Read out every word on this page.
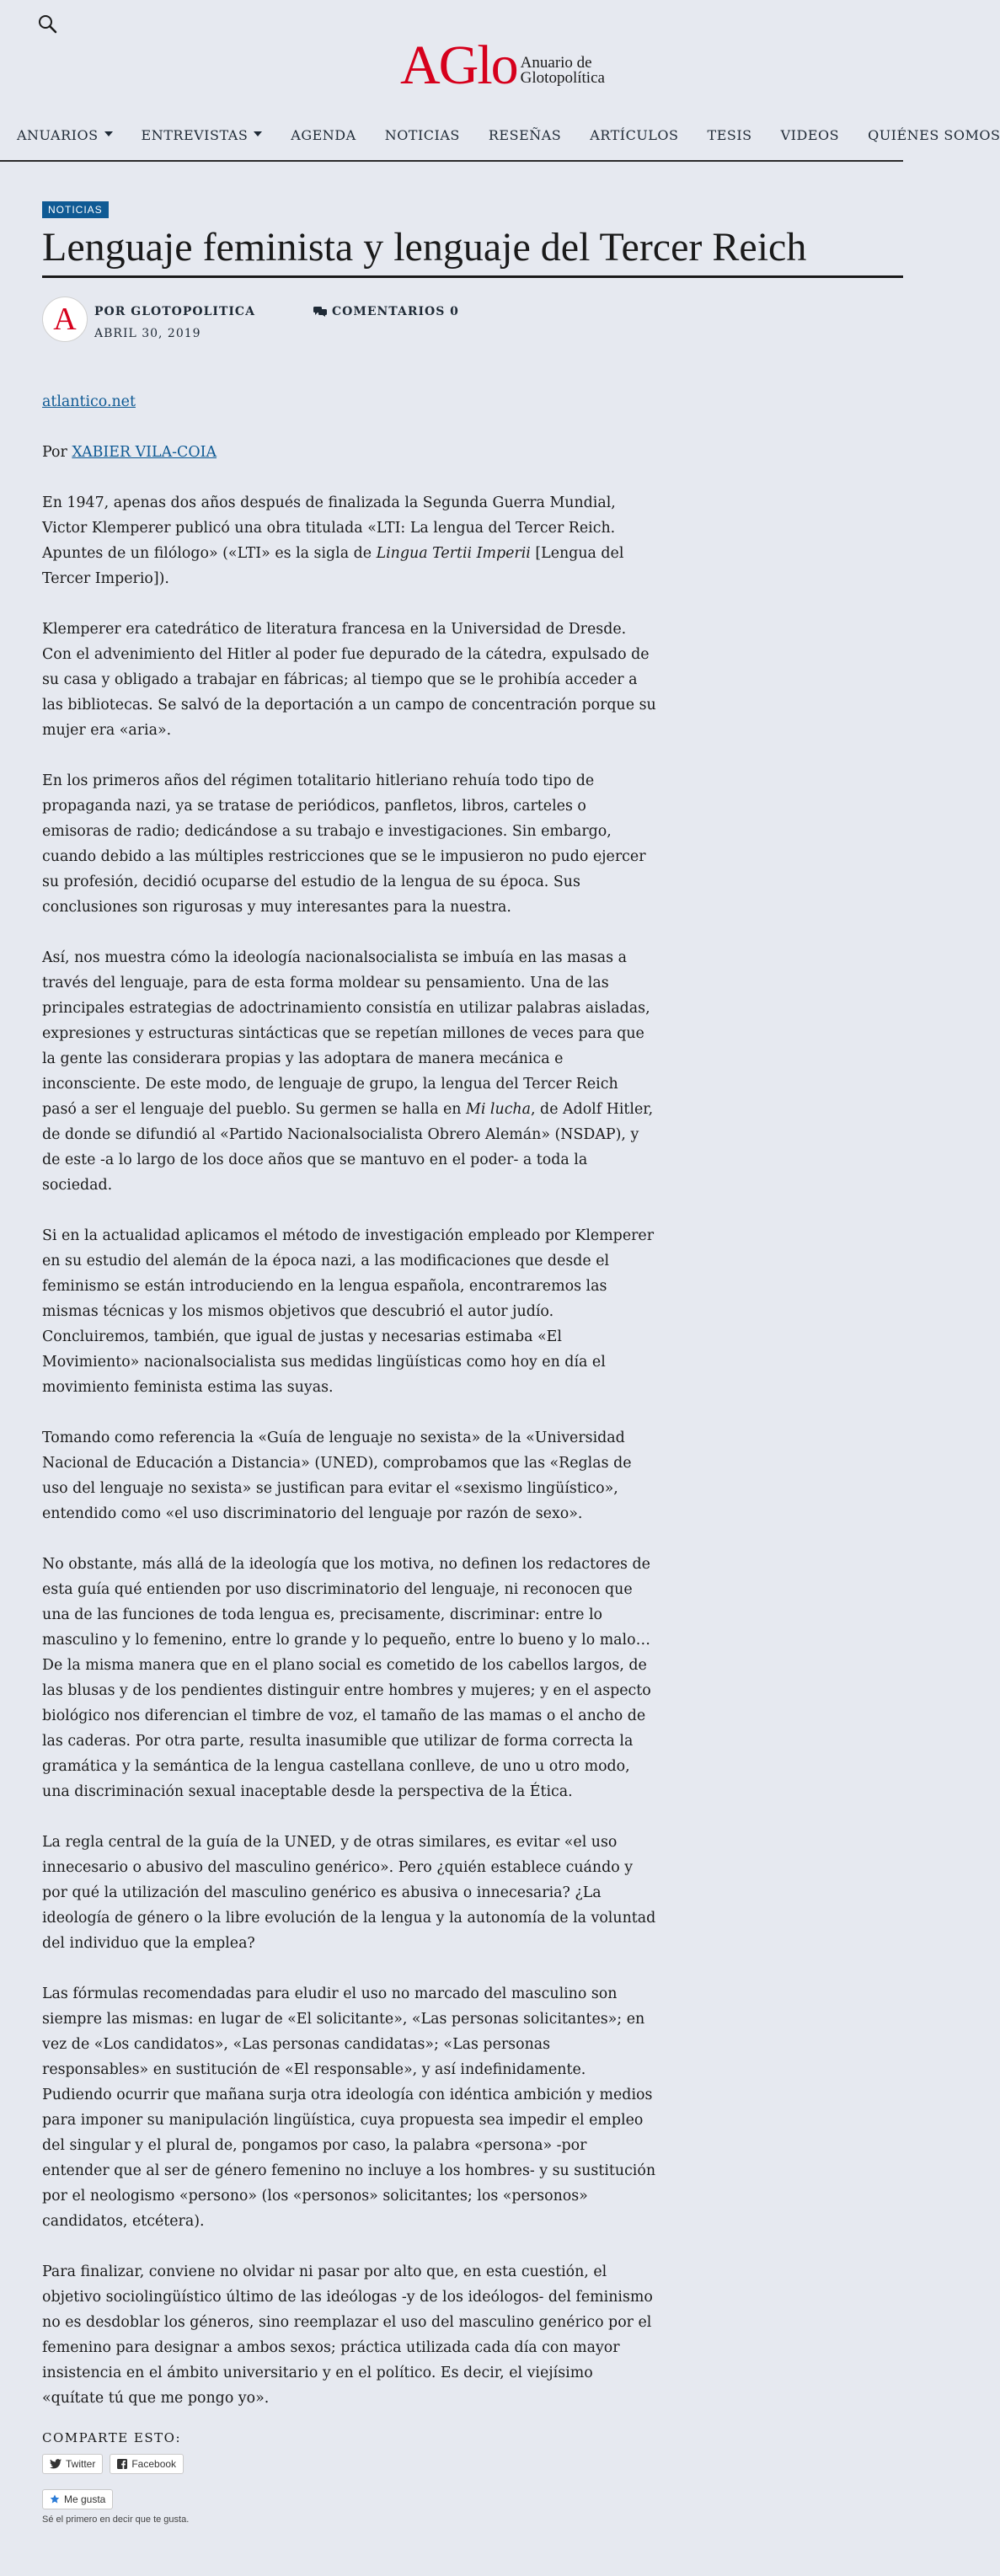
AGlo Anuario de
Glotopolítica
ANUARIOS	ENTREVISTAS	AGENDA NOTICIAS RESEÑAS ARTÍCULOS TESIS VIDEOS QUIÉNES SOMOS
NOTICIAS
Lenguaje feminista y lenguaje del Tercer Reich
A POR GLOTOPOLITICA
ABRIL 30, 2019
COMENTARIOS 0

atlantico.net

Por XABIER VILA-COIA

En 1947, apenas dos años después de finalizada la Segunda Guerra Mundial, Victor Klemperer publicó una obra titulada «LTI: La lengua del Tercer Reich. Apuntes de un filólogo» («LTI» es la sigla de Lingua Tertii Imperii [Lengua del Tercer Imperio]).

Klemperer era catedrático de literatura francesa en la Universidad de Dresde. Con el advenimiento del Hitler al poder fue depurado de la cátedra, expulsado de su casa y obligado a trabajar en fábricas; al tiempo que se le prohibía acceder a las bibliotecas. Se salvó de la deportación a un campo de concentración porque su mujer era «aria».

En los primeros años del régimen totalitario hitleriano rehuía todo tipo de propaganda nazi, ya se tratase de periódicos, panfletos, libros, carteles o emisoras de radio; dedicándose a su trabajo e investigaciones. Sin embargo, cuando debido a las múltiples restricciones que se le impusieron no pudo ejercer su profesión, decidió ocuparse del estudio de la lengua de su época. Sus conclusiones son rigurosas y muy interesantes para la nuestra.

Así, nos muestra cómo la ideología nacionalsocialista se imbuía en las masas a través del lenguaje, para de esta forma moldear su pensamiento. Una de las principales estrategias de adoctrinamiento consistía en utilizar palabras aisladas, expresiones y estructuras sintácticas que se repetían millones de veces para que la gente las considerara propias y las adoptara de manera mecánica e inconsciente. De este modo, de lenguaje de grupo, la lengua del Tercer Reich pasó a ser el lenguaje del pueblo. Su germen se halla en Mi lucha, de Adolf Hitler, de donde se difundió al «Partido Nacionalsocialista Obrero Alemán» (NSDAP), y de este -a lo largo de los doce años que se mantuvo en el poder- a toda la sociedad.

Si en la actualidad aplicamos el método de investigación empleado por Klemperer en su estudio del alemán de la época nazi, a las modificaciones que desde el feminismo se están introduciendo en la lengua española, encontraremos las mismas técnicas y los mismos objetivos que descubrió el autor judío. Concluiremos, también, que igual de justas y necesarias estimaba «El Movimiento» nacionalsocialista sus medidas lingüísticas como hoy en día el movimiento feminista estima las suyas.

Tomando como referencia la «Guía de lenguaje no sexista» de la «Universidad Nacional de Educación a Distancia» (UNED), comprobamos que las «Reglas de uso del lenguaje no sexista» se justifican para evitar el «sexismo lingüístico», entendido como «el uso discriminatorio del lenguaje por razón de sexo».

No obstante, más allá de la ideología que los motiva, no definen los redactores de esta guía qué entienden por uso discriminatorio del lenguaje, ni reconocen que una de las funciones de toda lengua es, precisamente, discriminar: entre lo masculino y lo femenino, entre lo grande y lo pequeño, entre lo bueno y lo malo… De la misma manera que en el plano social es cometido de los cabellos largos, de las blusas y de los pendientes distinguir entre hombres y mujeres; y en el aspecto biológico nos diferencian el timbre de voz, el tamaño de las mamas o el ancho de las caderas. Por otra parte, resulta inasumible que utilizar de forma correcta la gramática y la semántica de la lengua castellana conlleve, de uno u otro modo, una discriminación sexual inaceptable desde la perspectiva de la Ética.

La regla central de la guía de la UNED, y de otras similares, es evitar «el uso innecesario o abusivo del masculino genérico». Pero ¿quién establece cuándo y por qué la utilización del masculino genérico es abusiva o innecesaria? ¿La ideología de género o la libre evolución de la lengua y la autonomía de la voluntad del individuo que la emplea?

Las fórmulas recomendadas para eludir el uso no marcado del masculino son siempre las mismas: en lugar de «El solicitante», «Las personas solicitantes»; en vez de «Los candidatos», «Las personas candidatas»; «Las personas responsables» en sustitución de «El responsable», y así indefinidamente. Pudiendo ocurrir que mañana surja otra ideología con idéntica ambición y medios para imponer su manipulación lingüística, cuya propuesta sea impedir el empleo del singular y el plural de, pongamos por caso, la palabra «persona» -por entender que al ser de género femenino no incluye a los hombres- y su sustitución por el neologismo «persono» (los «personos» solicitantes; los «personos» candidatos, etcétera).

Para finalizar, conviene no olvidar ni pasar por alto que, en esta cuestión, el objetivo sociolingüístico último de las ideólogas -y de los ideólogos- del feminismo no es desdoblar los géneros, sino reemplazar el uso del masculino genérico por el femenino para designar a ambos sexos; práctica utilizada cada día con mayor insistencia en el ámbito universitario y en el político. Es decir, el viejísimo «quítate tú que me pongo yo».

COMPARTE ESTO:
Twitter	Facebook
Me gusta
Sé el primero en decir que te gusta.
